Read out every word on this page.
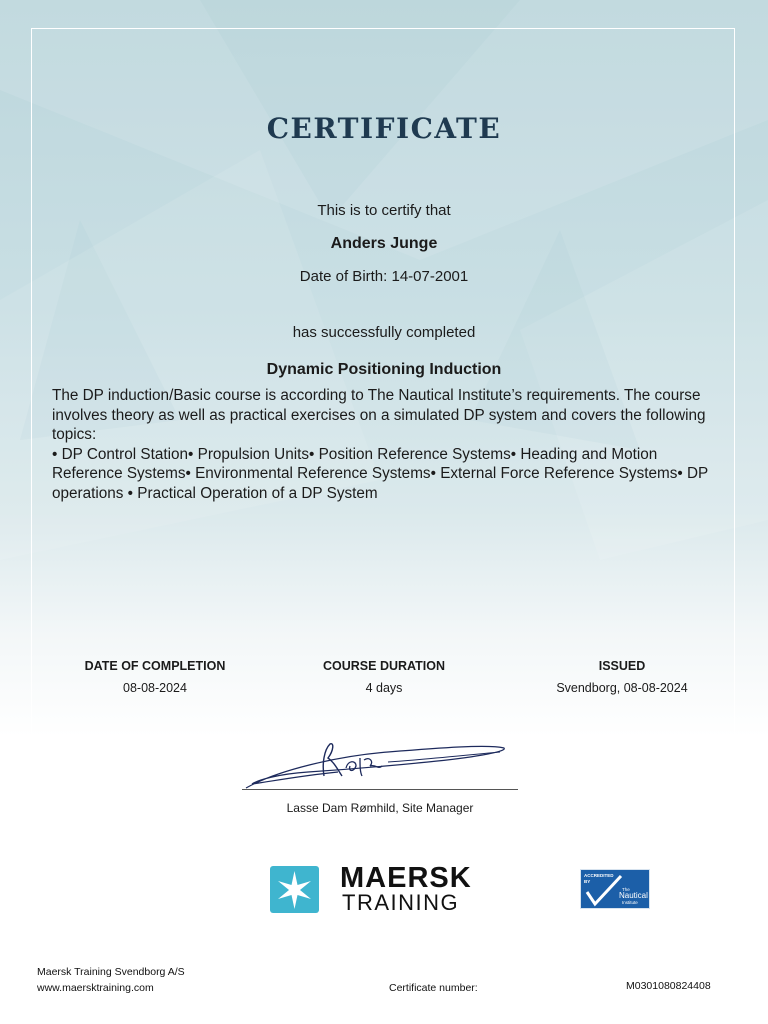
CERTIFICATE
This is to certify that
Anders Junge
Date of Birth: 14-07-2001
has successfully completed
Dynamic Positioning Induction

The DP induction/Basic course is according to The Nautical Institute’s requirements. The course involves theory as well as practical exercises on a simulated DP system and covers the following topics:
• DP Control Station• Propulsion Units• Position Reference Systems• Heading and Motion Reference Systems• Environmental Reference Systems• External Force Reference Systems• DP operations • Practical Operation of a DP System

DATE OF COMPLETION
08-08-2024
COURSE DURATION
4 days
ISSUED
Svendborg, 08-08-2024
Lasse Dam Rømhild, Site Manager
MAERSK
TRAINING
ACCREDITED
BY
The
Nautical
Institute
Maersk Training Svendborg A/S
www.maersktraining.com	Certificate number:	M0301080824408
